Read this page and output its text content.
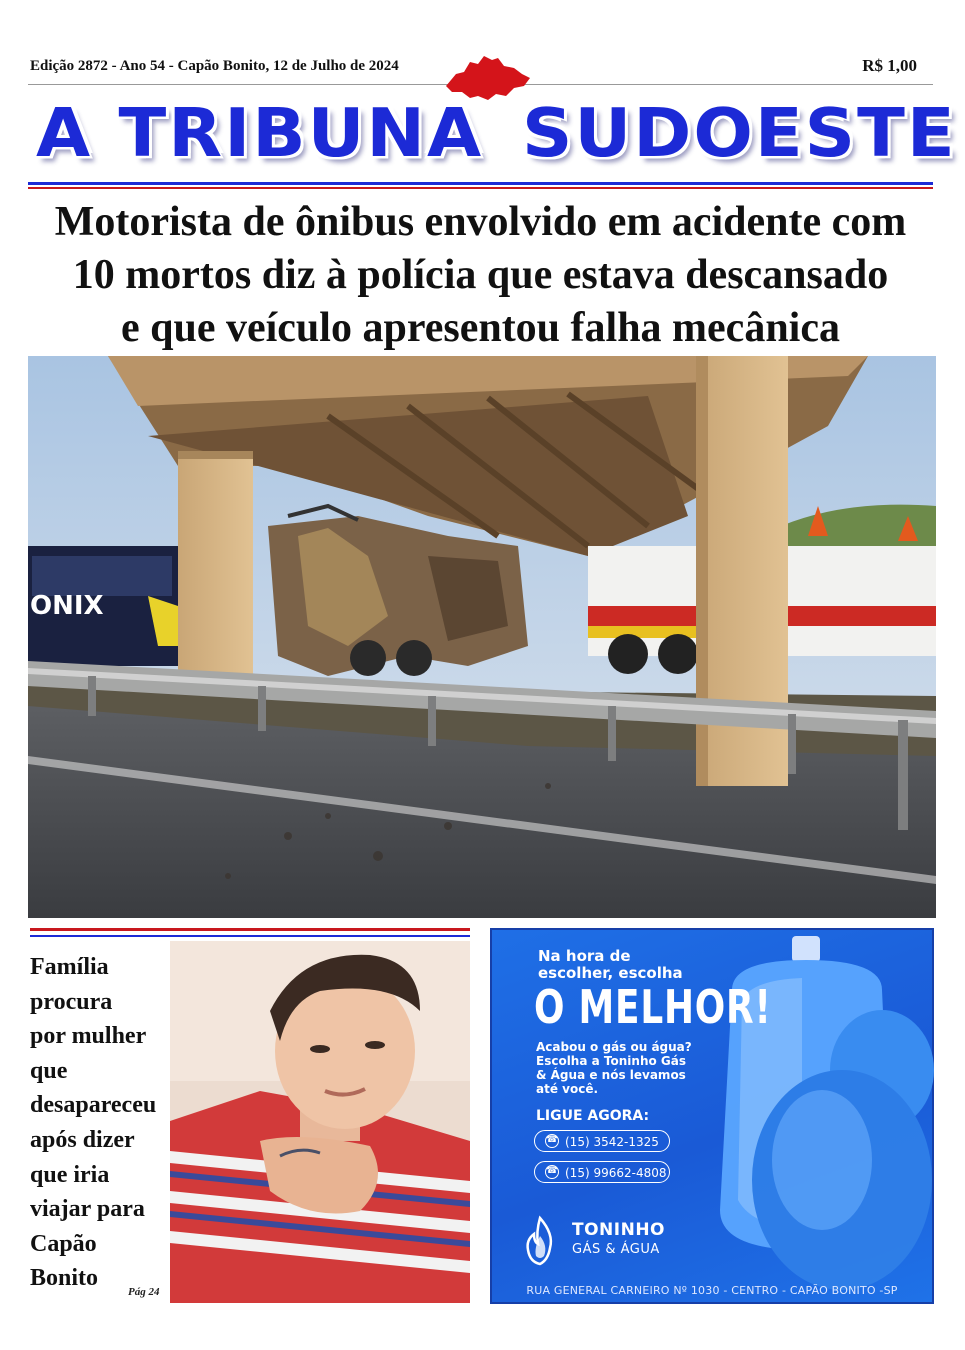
Edição 2872 - Ano 54 - Capão Bonito, 12 de Julho de 2024	R$ 1,00
A TRIBUNA SUDOESTE
Motorista de ônibus envolvido em acidente com
10 mortos diz à polícia que estava descansado
e que veículo apresentou falha mecânica
ONIX
Família
procura
por mulher
que
desapareceu
após dizer
que iria
viajar para
Capão
Bonito
Pág 24
Na hora de
escolher, escolha
O MELHOR!
Acabou o gás ou água?
Escolha a Toninho Gás
& Água e nós levamos
até você.
LIGUE AGORA:
☎ (15) 3542-1325
☎ (15) 99662-4808
TONINHO
GÁS & ÁGUA
RUA GENERAL CARNEIRO Nº 1030 - CENTRO - CAPÃO BONITO -SP
